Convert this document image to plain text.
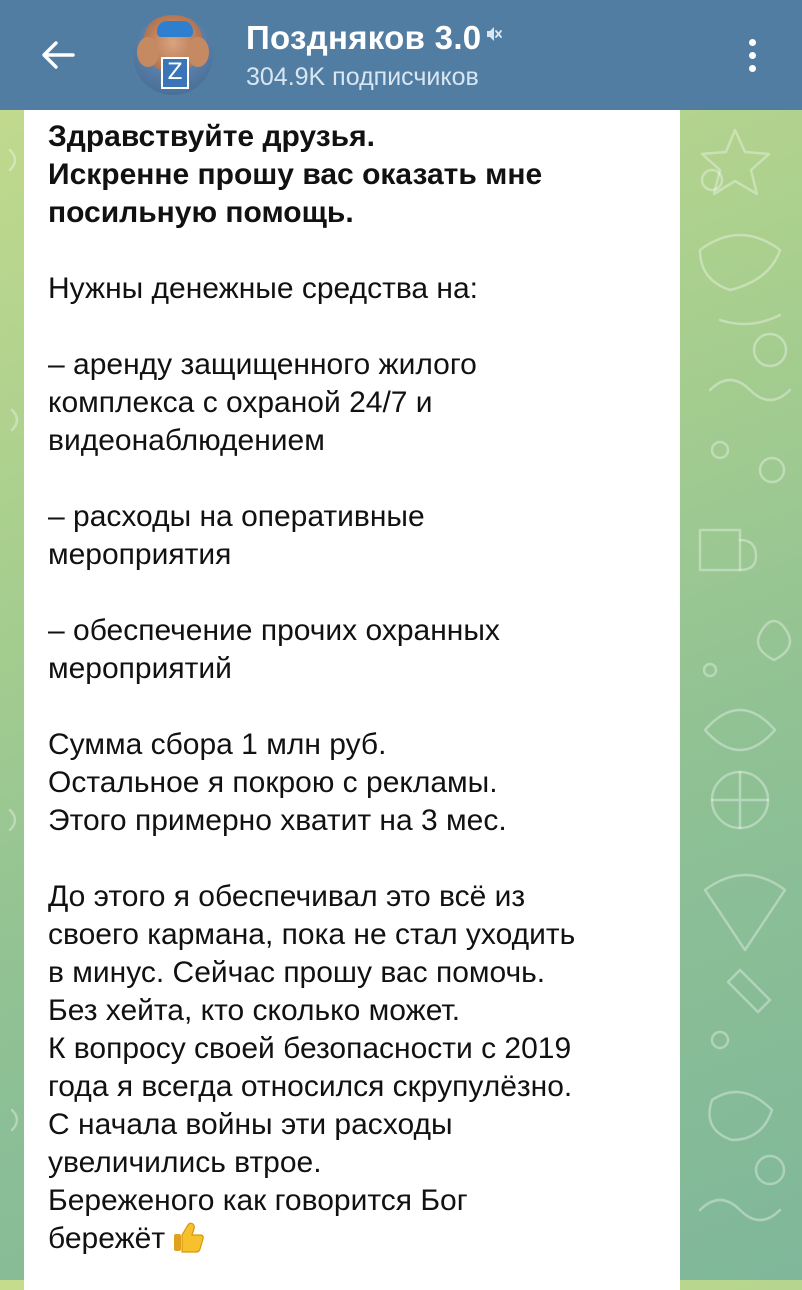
Z
Поздняков 3.0
304.9K подписчиков

Здравствуйте друзья.

Искренне прошу вас оказать мне

посильную помощь.

Нужны денежные средства на:

– аренду защищенного жилого

комплекса с охраной 24/7 и

видеонаблюдением

– расходы на оперативные

мероприятия

– обеспечение прочих охранных

мероприятий

Сумма сбора 1 млн руб.

Остальное я покрою с рекламы.

Этого примерно хватит на 3 мес.

До этого я обеспечивал это всё из

своего кармана, пока не стал уходить

в минус. Сейчас прошу вас помочь.

Без хейта, кто сколько может.

К вопросу своей безопасности с 2019

года я всегда относился скрупулёзно.

С начала войны эти расходы

увеличились втрое.

Береженого как говорится Бог

бережёт
